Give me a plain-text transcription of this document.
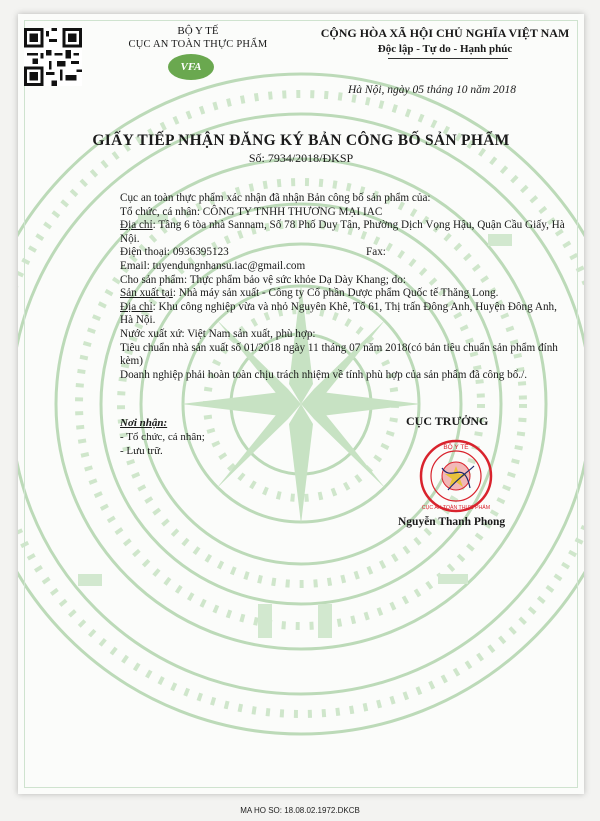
BỘ Y TẾ
CỤC AN TOÀN THỰC PHẨM
VFA
CỘNG HÒA XÃ HỘI CHỦ NGHĨA VIỆT NAM
Độc lập - Tự do - Hạnh phúc
Hà Nội, ngày 05 tháng 10 năm 2018
GIẤY TIẾP NHẬN ĐĂNG KÝ BẢN CÔNG BỐ SẢN PHẨM
Số: 7934/2018/ĐKSP

Cục an toàn thực phẩm xác nhận đã nhận Bản công bố sản phẩm của:

Tổ chức, cá nhân: CÔNG TY TNHH THƯƠNG MẠI IAC

Địa chỉ: Tầng 6 tòa nhà Sannam, Số 78 Phố Duy Tân, Phường Dịch Vọng Hậu, Quận Cầu Giấy, Hà Nội.

Điện thoại: 0936395123	Fax:

Email: tuyendungnhansu.iac@gmail.com

Cho sản phẩm: Thực phẩm bảo vệ sức khỏe Dạ Dày Khang; do:

Sản xuất tại: Nhà máy sản xuất - Công ty Cổ phần Dược phẩm Quốc tế Thăng Long.

Địa chỉ: Khu công nghiệp vừa và nhỏ Nguyên Khê, Tổ 61, Thị trấn Đông Anh, Huyện Đông Anh, Hà Nội.

Nước xuất xứ: Việt Nam sản xuất, phù hợp:

Tiêu chuẩn nhà sản xuất số 01/2018 ngày 11 tháng 07 năm 2018(có bản tiêu chuẩn sản phẩm đính kèm)

Doanh nghiệp phải hoàn toàn chịu trách nhiệm về tính phù hợp của sản phẩm đã công bố./.

Nơi nhận:
- Tổ chức, cá nhân;
- Lưu trữ.
CỤC TRƯỞNG
BỘ Y TẾ
CỤC AN TOÀN THỰC PHẨM
Nguyễn Thanh Phong
MA HO SO: 18.08.02.1972.DKCB
